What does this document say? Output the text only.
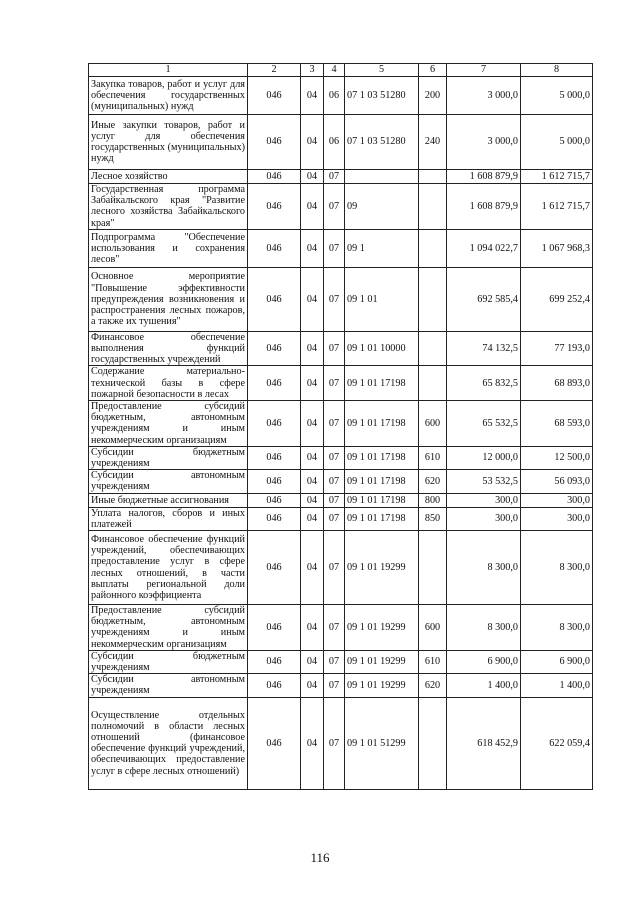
1	2	3	4	5	6	7	8
Закупка товаров, работ и услуг для обеспечения государственных (муниципальных) нужд	046	04	06	07 1 03 51280	200	3 000,0	5 000,0
Иные закупки товаров, работ и услуг для обеспечения государственных (муниципальных) нужд	046	04	06	07 1 03 51280	240	3 000,0	5 000,0
Лесное хозяйство	046	04	07			1 608 879,9	1 612 715,7
Государственная программа Забайкальского края "Развитие лесного хозяйства Забайкальского края"	046	04	07	09		1 608 879,9	1 612 715,7
Подпрограмма "Обеспечение использования и сохранения лесов"	046	04	07	09 1		1 094 022,7	1 067 968,3
Основное мероприятие "Повышение эффективности предупреждения возникновения и распространения лесных пожаров, а также их тушения"	046	04	07	09 1 01		692 585,4	699 252,4
Финансовое обеспечение выполнения функций государственных учреждений	046	04	07	09 1 01 10000		74 132,5	77 193,0
Содержание материально-технической базы в сфере пожарной безопасности в лесах	046	04	07	09 1 01 17198		65 832,5	68 893,0
Предоставление субсидий бюджетным, автономным учреждениям и иным некоммерческим организациям	046	04	07	09 1 01 17198	600	65 532,5	68 593,0
Субсидии бюджетным учреждениям	046	04	07	09 1 01 17198	610	12 000,0	12 500,0
Субсидии автономным учреждениям	046	04	07	09 1 01 17198	620	53 532,5	56 093,0
Иные бюджетные ассигнования	046	04	07	09 1 01 17198	800	300,0	300,0
Уплата налогов, сборов и иных платежей	046	04	07	09 1 01 17198	850	300,0	300,0
Финансовое обеспечение функций учреждений, обеспечивающих предоставление услуг в сфере лесных отношений, в части выплаты региональной доли районного коэффициента	046	04	07	09 1 01 19299		8 300,0	8 300,0
Предоставление субсидий бюджетным, автономным учреждениям и иным некоммерческим организациям	046	04	07	09 1 01 19299	600	8 300,0	8 300,0
Субсидии бюджетным учреждениям	046	04	07	09 1 01 19299	610	6 900,0	6 900,0
Субсидии автономным учреждениям	046	04	07	09 1 01 19299	620	1 400,0	1 400,0
Осуществление отдельных полномочий в области лесных отношений (финансовое обеспечение функций учреждений, обеспечивающих предоставление услуг в сфере лесных отношений)	046	04	07	09 1 01 51299		618 452,9	622 059,4
116
